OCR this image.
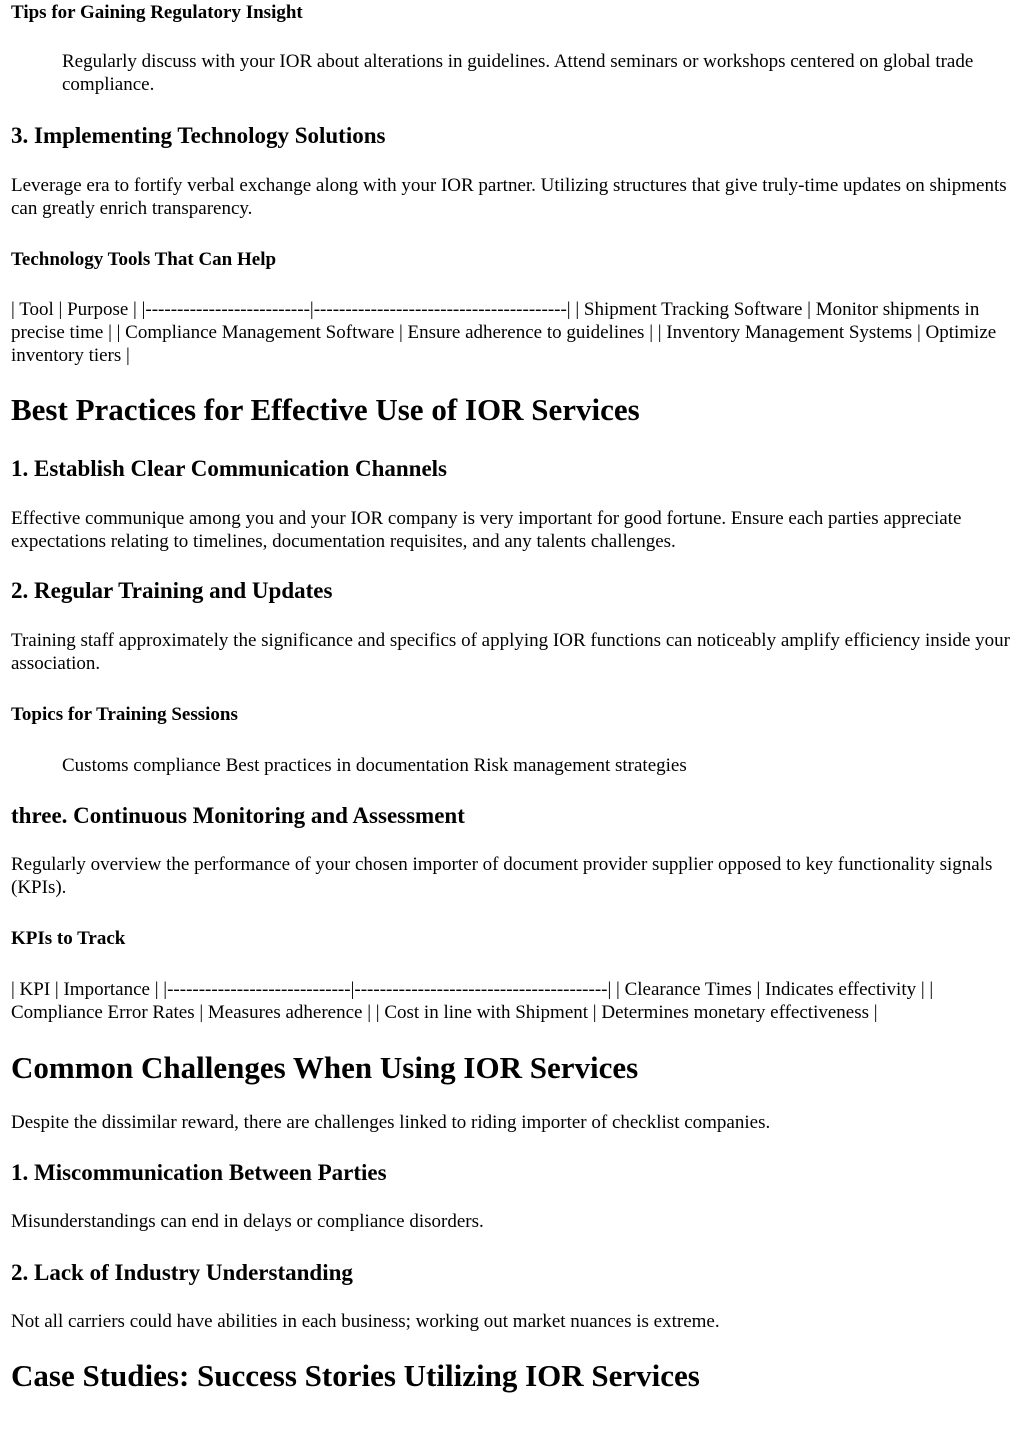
Tips for Gaining Regulatory Insight

Regularly discuss with your IOR about alterations in guidelines. Attend seminars or workshops centered on global trade compliance.

3. Implementing Technology Solutions

Leverage era to fortify verbal exchange along with your IOR partner. Utilizing structures that give truly-time updates on shipments can greatly enrich transparency.

Technology Tools That Can Help

| Tool | Purpose | |--------------------------|----------------------------------------| | Shipment Tracking Software | Monitor shipments in precise time | | Compliance Management Software | Ensure adherence to guidelines | | Inventory Management Systems | Optimize inventory tiers |

Best Practices for Effective Use of IOR Services
1. Establish Clear Communication Channels

Effective communique among you and your IOR company is very important for good fortune. Ensure each parties appreciate expectations relating to timelines, documentation requisites, and any talents challenges.

2. Regular Training and Updates

Training staff approximately the significance and specifics of applying IOR functions can noticeably amplify efficiency inside your association.

Topics for Training Sessions

Customs compliance Best practices in documentation Risk management strategies

three. Continuous Monitoring and Assessment

Regularly overview the performance of your chosen importer of document provider supplier opposed to key functionality signals (KPIs).

KPIs to Track

| KPI | Importance | |-----------------------------|----------------------------------------| | Clearance Times | Indicates effectivity | | Compliance Error Rates | Measures adherence | | Cost in line with Shipment | Determines monetary effectiveness |

Common Challenges When Using IOR Services

Despite the dissimilar reward, there are challenges linked to riding importer of checklist companies.

1. Miscommunication Between Parties

Misunderstandings can end in delays or compliance disorders.

2. Lack of Industry Understanding

Not all carriers could have abilities in each business; working out market nuances is extreme.

Case Studies: Success Stories Utilizing IOR Services
